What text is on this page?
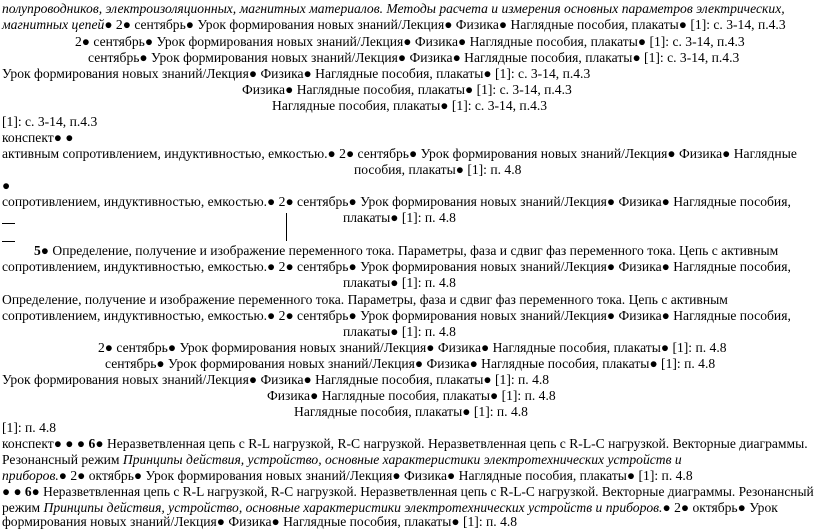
полупроводников, электроизоляционных, магнитных материалов. Методы расчета и измерения основных параметров электрических,
магнитных цепей● 2● сентябрь● Урок формирования новых знаний/Лекция● Физика● Наглядные пособия, плакаты● [1]: с. 3-14, п.4.3
2● сентябрь● Урок формирования новых знаний/Лекция● Физика● Наглядные пособия, плакаты● [1]: с. 3-14, п.4.3
сентябрь● Урок формирования новых знаний/Лекция● Физика● Наглядные пособия, плакаты● [1]: с. 3-14, п.4.3
Урок формирования новых знаний/Лекция● Физика● Наглядные пособия, плакаты● [1]: с. 3-14, п.4.3
Физика● Наглядные пособия, плакаты● [1]: с. 3-14, п.4.3
Наглядные пособия, плакаты● [1]: с. 3-14, п.4.3
[1]: с. 3-14, п.4.3
конспект● ●
активным сопротивлением, индуктивностью, емкостью.● 2● сентябрь● Урок формирования новых знаний/Лекция● Физика● Наглядные
пособия, плакаты● [1]: п. 4.8
●
сопротивлением, индуктивностью, емкостью.● 2● сентябрь● Урок формирования новых знаний/Лекция● Физика● Наглядные пособия,
плакаты● [1]: п. 4.8
5● Определение, получение и изображение переменного тока. Параметры, фаза и сдвиг фаз переменного тока. Цепь с активным
сопротивлением, индуктивностью, емкостью.● 2● сентябрь● Урок формирования новых знаний/Лекция● Физика● Наглядные пособия,
плакаты● [1]: п. 4.8
Определение, получение и изображение переменного тока. Параметры, фаза и сдвиг фаз переменного тока. Цепь с активным
сопротивлением, индуктивностью, емкостью.● 2● сентябрь● Урок формирования новых знаний/Лекция● Физика● Наглядные пособия,
плакаты● [1]: п. 4.8
2● сентябрь● Урок формирования новых знаний/Лекция● Физика● Наглядные пособия, плакаты● [1]: п. 4.8
сентябрь● Урок формирования новых знаний/Лекция● Физика● Наглядные пособия, плакаты● [1]: п. 4.8
Урок формирования новых знаний/Лекция● Физика● Наглядные пособия, плакаты● [1]: п. 4.8
Физика● Наглядные пособия, плакаты● [1]: п. 4.8
Наглядные пособия, плакаты● [1]: п. 4.8
[1]: п. 4.8
конспект● ● ● 6● Неразветвленная цепь с R-L нагрузкой, R-C нагрузкой. Неразветвленная цепь с R-L-C нагрузкой. Векторные диаграммы.
Резонансный режим Принципы действия, устройство, основные характеристики электротехнических устройств и
приборов.● 2● октябрь● Урок формирования новых знаний/Лекция● Физика● Наглядные пособия, плакаты● [1]: п. 4.8
● ● 6● Неразветвленная цепь с R-L нагрузкой, R-C нагрузкой. Неразветвленная цепь с R-L-C нагрузкой. Векторные диаграммы. Резонансный
режим Принципы действия, устройство, основные характеристики электротехнических устройств и приборов.● 2● октябрь● Урок
формирования новых знаний/Лекция● Физика● Наглядные пособия, плакаты● [1]: п. 4.8
